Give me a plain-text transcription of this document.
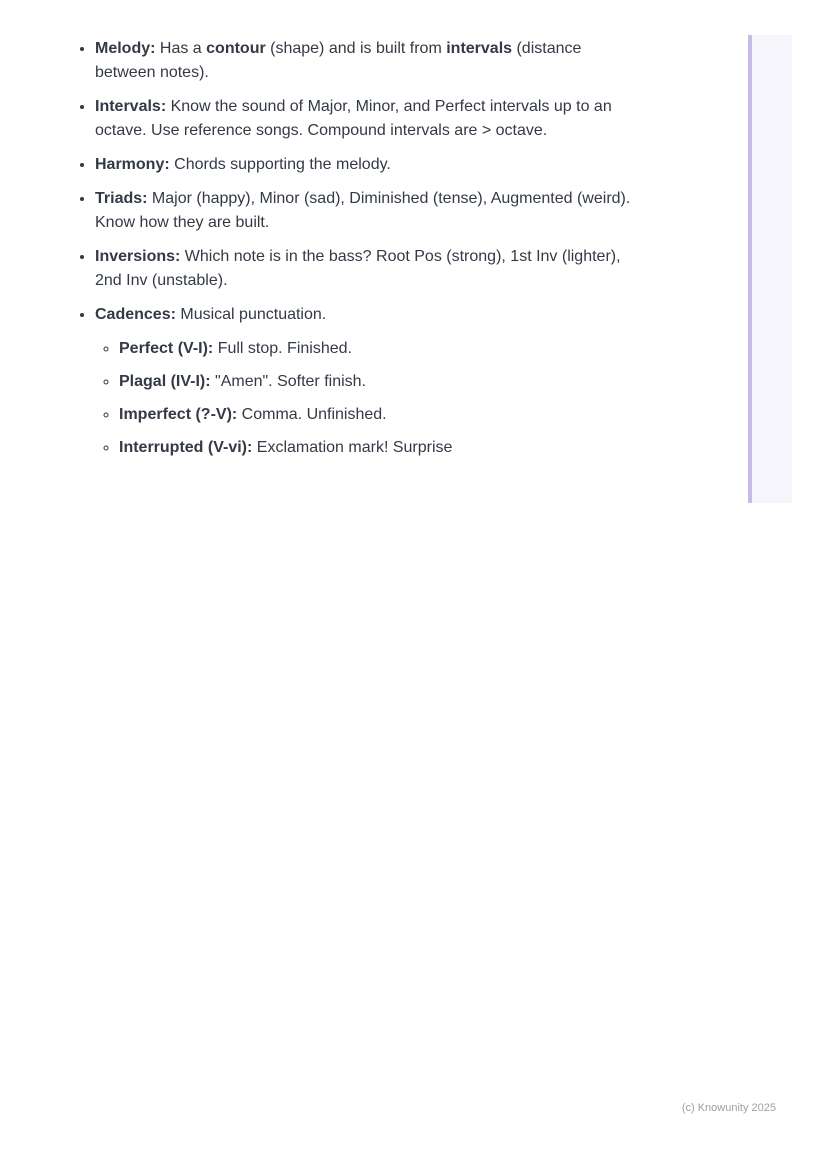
• Melody: Has a contour (shape) and is built from intervals (distance between notes).
• Intervals: Know the sound of Major, Minor, and Perfect intervals up to an octave. Use reference songs. Compound intervals are > octave.
• Harmony: Chords supporting the melody.
• Triads: Major (happy), Minor (sad), Diminished (tense), Augmented (weird). Know how they are built.
• Inversions: Which note is in the bass? Root Pos (strong), 1st Inv (lighter), 2nd Inv (unstable).
• Cadences: Musical punctuation.
◦ Perfect (V-I): Full stop. Finished.
◦ Plagal (IV-I): "Amen". Softer finish.
◦ Imperfect (?-V): Comma. Unfinished.
◦ Interrupted (V-vi): Exclamation mark! Surprise
(c) Knowunity 2025
